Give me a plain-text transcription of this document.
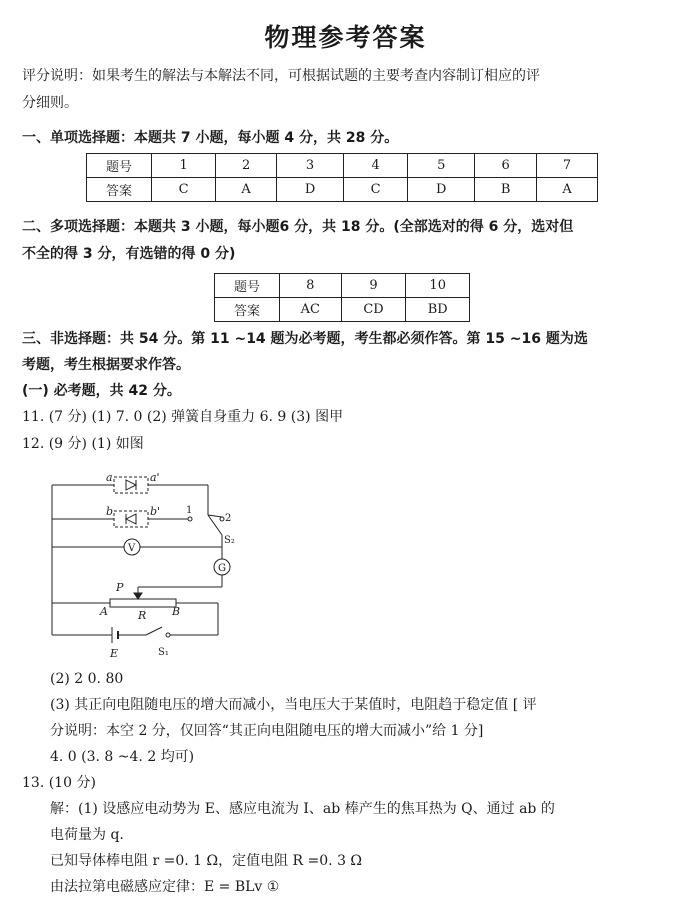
物理参考答案
评分说明：如果考生的解法与本解法不同，可根据试题的主要考查内容制订相应的评
分细则。
一、单项选择题：本题共 7 小题，每小题 4 分，共 28 分。
题号	1	2	3	4	5	6	7
答案	C	A	D	C	D	B	A
二、多项选择题：本题共 3 小题，每小题6 分，共 18 分。(全部选对的得 6 分，选对但
不全的得 3 分，有选错的得 0 分)
题号	8	9	10
答案	AC	CD	BD
三、非选择题：共 54 分。第 11 ~14 题为必考题，考生都必须作答。第 15 ~16 题为选
考题，考生根据要求作答。
(一) 必考题，共 42 分。
11. (7 分) (1) 7. 0 (2) 弹簧自身重力 6. 9 (3) 图甲
12. (9 分) (1) 如图
a	a'
b	b'	1
2
S₂
V
G
P
A	R B
E	S₁
(2) 2 0. 80
(3) 其正向电阻随电压的增大而减小，当电压大于某值时，电阻趋于稳定值 [ 评
分说明：本空 2 分，仅回答“其正向电阻随电压的增大而减小”给 1 分]
4. 0 (3. 8 ~4. 2 均可)
13. (10 分)
解：(1) 设感应电动势为 E、感应电流为 I、ab 棒产生的焦耳热为 Q、通过 ab 的
电荷量为 q.
已知导体棒电阻 r =0. 1 Ω，定值电阻 R =0. 3 Ω
由法拉第电磁感应定律：E = BLv ①
